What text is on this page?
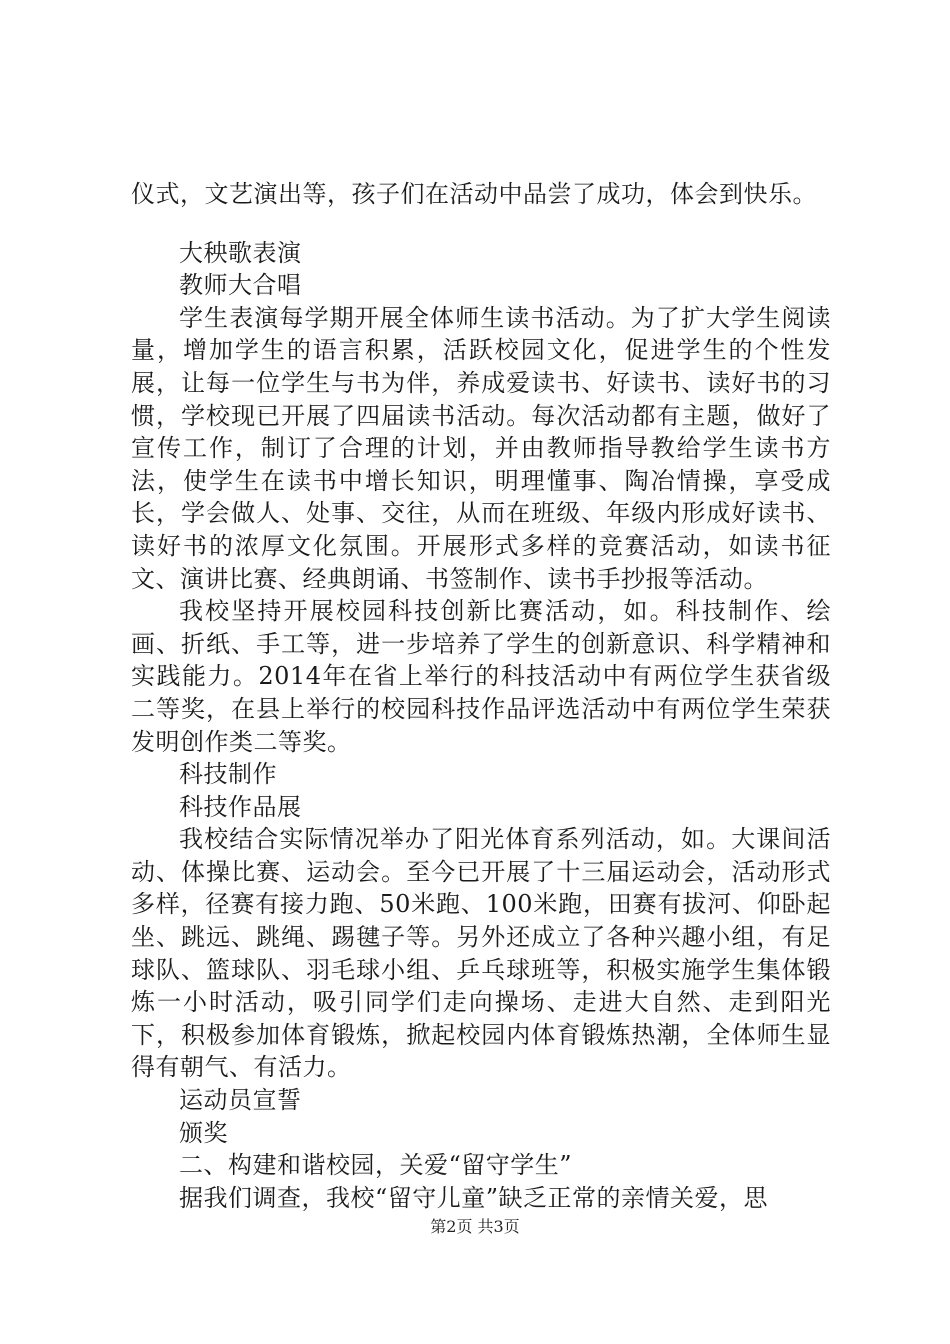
仪式，文艺演出等，孩子们在活动中品尝了成功，体会到快乐。

大秧歌表演

教师大合唱

学生表演每学期开展全体师生读书活动。为了扩大学生阅读量，增加学生的语言积累，活跃校园文化，促进学生的个性发展，让每一位学生与书为伴，养成爱读书、好读书、读好书的习惯，学校现已开展了四届读书活动。每次活动都有主题，做好了宣传工作，制订了合理的计划，并由教师指导教给学生读书方法，使学生在读书中增长知识，明理懂事、陶冶情操，享受成长，学会做人、处事、交往，从而在班级、年级内形成好读书、读好书的浓厚文化氛围。开展形式多样的竞赛活动，如读书征文、演讲比赛、经典朗诵、书签制作、读书手抄报等活动。

我校坚持开展校园科技创新比赛活动，如。科技制作、绘画、折纸、手工等，进一步培养了学生的创新意识、科学精神和实践能力。2014年在省上举行的科技活动中有两位学生获省级二等奖，在县上举行的校园科技作品评选活动中有两位学生荣获发明创作类二等奖。

科技制作

科技作品展

我校结合实际情况举办了阳光体育系列活动，如。大课间活动、体操比赛、运动会。至今已开展了十三届运动会，活动形式多样，径赛有接力跑、50米跑、100米跑，田赛有拔河、仰卧起坐、跳远、跳绳、踢毽子等。另外还成立了各种兴趣小组，有足球队、篮球队、羽毛球小组、乒乓球班等，积极实施学生集体锻炼一小时活动，吸引同学们走向操场、走进大自然、走到阳光下，积极参加体育锻炼，掀起校园内体育锻炼热潮，全体师生显得有朝气、有活力。

运动员宣誓

颁奖

二、构建和谐校园，关爱“留守学生”

据我们调查，我校“留守儿童”缺乏正常的亲情关爱，思

第2页 共3页
